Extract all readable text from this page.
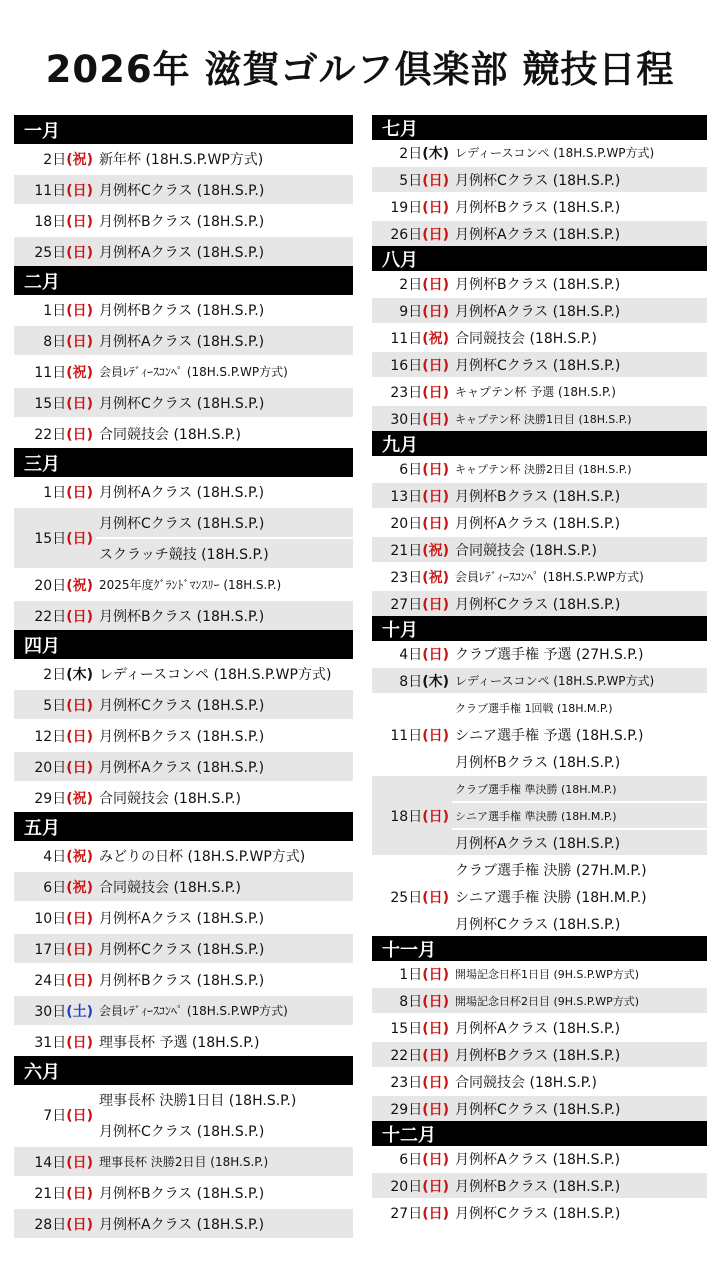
2026年 滋賀ゴルフ倶楽部 競技日程
一月
2日 (祝) 新年杯 (18H.S.P.WP方式)
11日 (日) 月例杯Cクラス (18H.S.P.)
18日 (日) 月例杯Bクラス (18H.S.P.)
25日 (日) 月例杯Aクラス (18H.S.P.)
二月
1日 (日) 月例杯Bクラス (18H.S.P.)
8日 (日) 月例杯Aクラス (18H.S.P.)
11日 (祝) 会員ﾚﾃﾞｨｰｽｺﾝﾍﾟ (18H.S.P.WP方式)
15日 (日) 月例杯Cクラス (18H.S.P.)
22日 (日) 合同競技会 (18H.S.P.)
三月
1日 (日) 月例杯Aクラス (18H.S.P.)
15日 (日)
月例杯Cクラス (18H.S.P.)
スクラッチ競技 (18H.S.P.)
20日 (祝) 2025年度ｸﾞﾗﾝﾄﾞﾏﾝｽﾘｰ (18H.S.P.)
22日 (日) 月例杯Bクラス (18H.S.P.)
四月
2日 (木) レディースコンペ (18H.S.P.WP方式)
5日 (日) 月例杯Cクラス (18H.S.P.)
12日 (日) 月例杯Bクラス (18H.S.P.)
20日 (日) 月例杯Aクラス (18H.S.P.)
29日 (祝) 合同競技会 (18H.S.P.)
五月
4日 (祝) みどりの日杯 (18H.S.P.WP方式)
6日 (祝) 合同競技会 (18H.S.P.)
10日 (日) 月例杯Aクラス (18H.S.P.)
17日 (日) 月例杯Cクラス (18H.S.P.)
24日 (日) 月例杯Bクラス (18H.S.P.)
30日 (土) 会員ﾚﾃﾞｨｰｽｺﾝﾍﾟ (18H.S.P.WP方式)
31日 (日) 理事長杯 予選 (18H.S.P.)
六月
7日 (日)
理事長杯 決勝1日目 (18H.S.P.)
月例杯Cクラス (18H.S.P.)
14日 (日) 理事長杯 決勝2日目 (18H.S.P.)
21日 (日) 月例杯Bクラス (18H.S.P.)
28日 (日) 月例杯Aクラス (18H.S.P.)
七月
2日 (木) レディースコンペ (18H.S.P.WP方式)
5日 (日) 月例杯Cクラス (18H.S.P.)
19日 (日) 月例杯Bクラス (18H.S.P.)
26日 (日) 月例杯Aクラス (18H.S.P.)
八月
2日 (日) 月例杯Bクラス (18H.S.P.)
9日 (日) 月例杯Aクラス (18H.S.P.)
11日 (祝) 合同競技会 (18H.S.P.)
16日 (日) 月例杯Cクラス (18H.S.P.)
23日 (日) キャプテン杯 予選 (18H.S.P.)
30日 (日) キャプテン杯 決勝1日目 (18H.S.P.)
九月
6日 (日) キャプテン杯 決勝2日目 (18H.S.P.)
13日 (日) 月例杯Bクラス (18H.S.P.)
20日 (日) 月例杯Aクラス (18H.S.P.)
21日 (祝) 合同競技会 (18H.S.P.)
23日 (祝) 会員ﾚﾃﾞｨｰｽｺﾝﾍﾟ (18H.S.P.WP方式)
27日 (日) 月例杯Cクラス (18H.S.P.)
十月
4日 (日) クラブ選手権 予選 (27H.S.P.)
8日 (木) レディースコンペ (18H.S.P.WP方式)
11日 (日)
クラブ選手権 1回戦 (18H.M.P.)
シニア選手権 予選 (18H.S.P.)
月例杯Bクラス (18H.S.P.)
18日 (日)
クラブ選手権 準決勝 (18H.M.P.)
シニア選手権 準決勝 (18H.M.P.)
月例杯Aクラス (18H.S.P.)
25日 (日)
クラブ選手権 決勝 (27H.M.P.)
シニア選手権 決勝 (18H.M.P.)
月例杯Cクラス (18H.S.P.)
十一月
1日 (日) 開場記念日杯1日目 (9H.S.P.WP方式)
8日 (日) 開場記念日杯2日目 (9H.S.P.WP方式)
15日 (日) 月例杯Aクラス (18H.S.P.)
22日 (日) 月例杯Bクラス (18H.S.P.)
23日 (日) 合同競技会 (18H.S.P.)
29日 (日) 月例杯Cクラス (18H.S.P.)
十二月
6日 (日) 月例杯Aクラス (18H.S.P.)
20日 (日) 月例杯Bクラス (18H.S.P.)
27日 (日) 月例杯Cクラス (18H.S.P.)
